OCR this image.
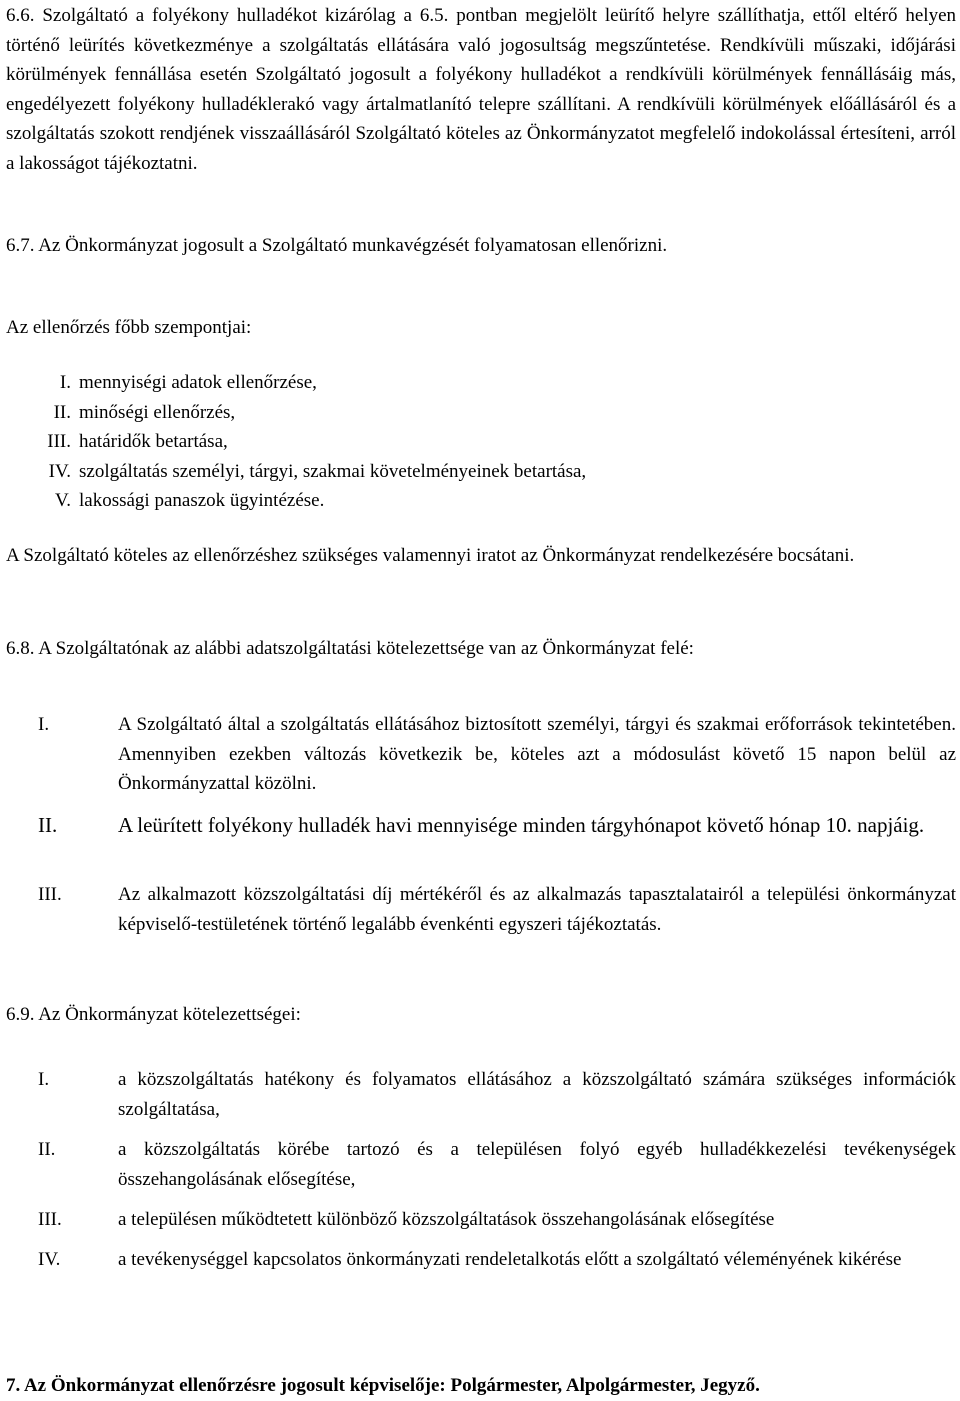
6.6. Szolgáltató a folyékony hulladékot kizárólag a 6.5. pontban megjelölt leürítő helyre szállíthatja, ettől eltérő helyen történő leürítés következménye a szolgáltatás ellátására való jogosultság megszűntetése. Rendkívüli műszaki, időjárási körülmények fennállása esetén Szolgáltató jogosult a folyékony hulladékot a rendkívüli körülmények fennállásáig más, engedélyezett folyékony hulladéklerakó vagy ártalmatlanító telepre szállítani. A rendkívüli körülmények előállásáról és a szolgáltatás szokott rendjének visszaállásáról Szolgáltató köteles az Önkormányzatot megfelelő indokolással értesíteni, arról a lakosságot tájékoztatni.

6.7. Az Önkormányzat jogosult a Szolgáltató munkavégzését folyamatosan ellenőrizni.

Az ellenőrzés főbb szempontjai:

I. mennyiségi adatok ellenőrzése,
II. minőségi ellenőrzés,
III. határidők betartása,
IV. szolgáltatás személyi, tárgyi, szakmai követelményeinek betartása,
V. lakossági panaszok ügyintézése.

A Szolgáltató köteles az ellenőrzéshez szükséges valamennyi iratot az Önkormányzat rendelkezésére bocsátani.

6.8. A Szolgáltatónak az alábbi adatszolgáltatási kötelezettsége van az Önkormányzat felé:

I.	A Szolgáltató által a szolgáltatás ellátásához biztosított személyi, tárgyi és szakmai erőforrások tekintetében. Amennyiben ezekben változás következik be, köteles azt a módosulást követő 15 napon belül az Önkormányzattal közölni.
II.	A leürített folyékony hulladék havi mennyisége minden tárgyhónapot követő hónap 10. napjáig.
III.	Az alkalmazott közszolgáltatási díj mértékéről és az alkalmazás tapasztalatairól a települési önkormányzat képviselő-testületének történő legalább évenkénti egyszeri tájékoztatás.

6.9. Az Önkormányzat kötelezettségei:

I.	a közszolgáltatás hatékony és folyamatos ellátásához a közszolgáltató számára szükséges információk szolgáltatása,
II.	a közszolgáltatás körébe tartozó és a településen folyó egyéb hulladékkezelési tevékenységek összehangolásának elősegítése,
III.	a településen működtetett különböző közszolgáltatások összehangolásának elősegítése
IV.	a tevékenységgel kapcsolatos önkormányzati rendeletalkotás előtt a szolgáltató véleményének kikérése

7. Az Önkormányzat ellenőrzésre jogosult képviselője: Polgármester, Alpolgármester, Jegyző.
